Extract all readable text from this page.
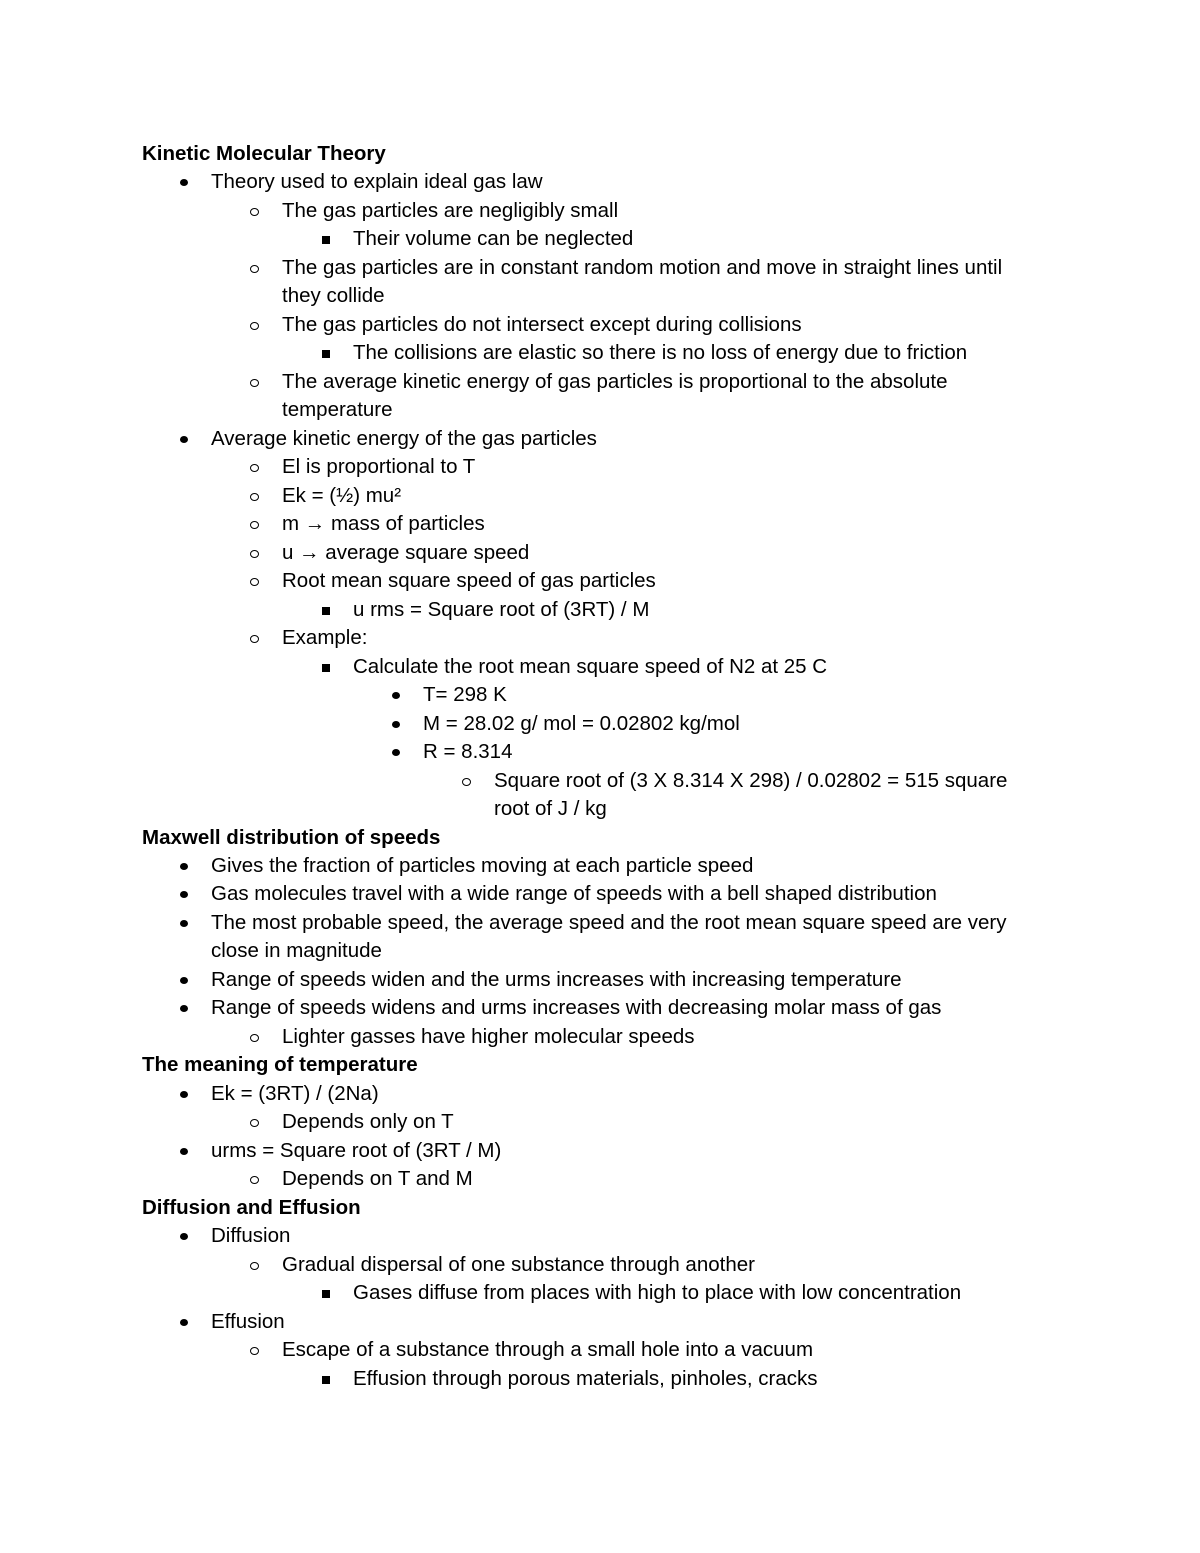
Kinetic Molecular Theory
Theory used to explain ideal gas law
The gas particles are negligibly small
Their volume can be neglected
The gas particles are in constant random motion and move in straight lines until
they collide
The gas particles do not intersect except during collisions
The collisions are elastic so there is no loss of energy due to friction
The average kinetic energy of gas particles is proportional to the absolute
temperature
Average kinetic energy of the gas particles
El is proportional to T
Ek = (½) mu²
m → mass of particles
u → average square speed
Root mean square speed of gas particles
u rms = Square root of (3RT) / M
Example:
Calculate the root mean square speed of N2 at 25 C
T= 298 K
M = 28.02 g/ mol = 0.02802 kg/mol
R = 8.314
Square root of (3 X 8.314 X 298) / 0.02802 = 515 square
root of J / kg
Maxwell distribution of speeds
Gives the fraction of particles moving at each particle speed
Gas molecules travel with a wide range of speeds with a bell shaped distribution
The most probable speed, the average speed and the root mean square speed are very
close in magnitude
Range of speeds widen and the urms increases with increasing temperature
Range of speeds widens and urms increases with decreasing molar mass of gas
Lighter gasses have higher molecular speeds
The meaning of temperature
Ek = (3RT) / (2Na)
Depends only on T
urms = Square root of (3RT / M)
Depends on T and M
Diffusion and Effusion
Diffusion
Gradual dispersal of one substance through another
Gases diffuse from places with high to place with low concentration
Effusion
Escape of a substance through a small hole into a vacuum
Effusion through porous materials, pinholes, cracks
